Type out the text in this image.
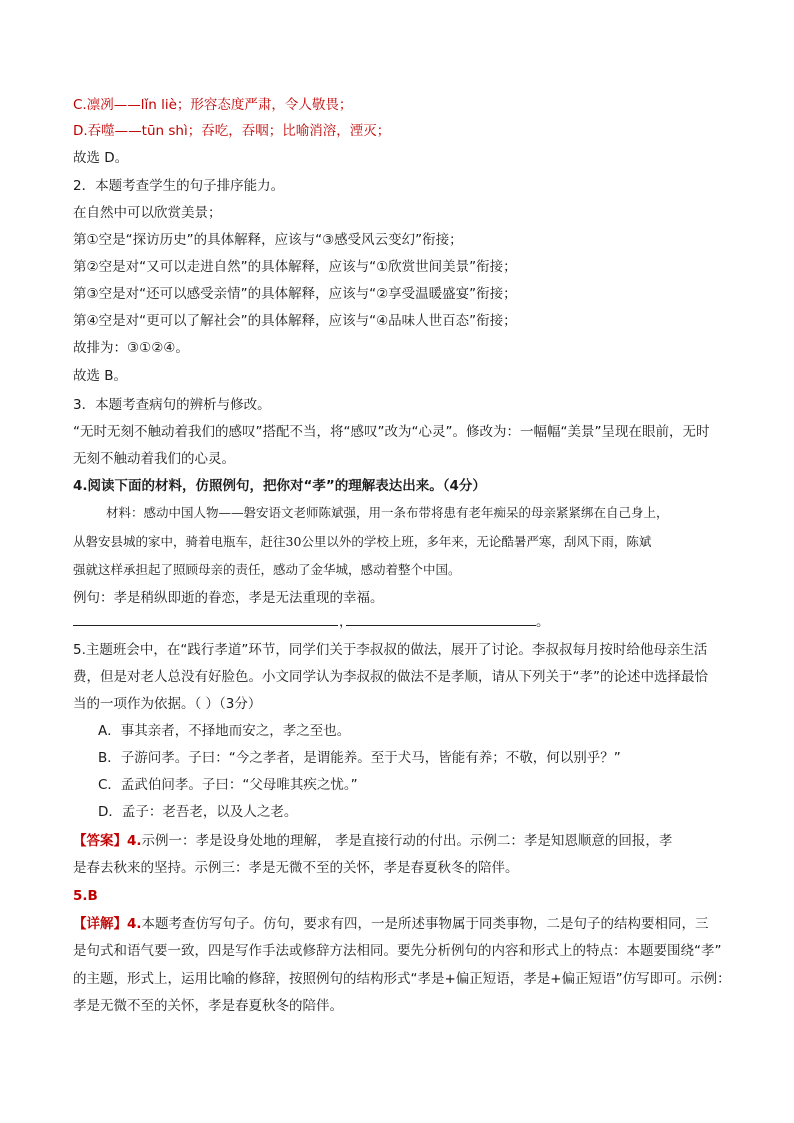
C.凛冽——lǐn liè；形容态度严肃，令人敬畏；
D.吞噬——tūn shì；吞吃，吞咽；比喻消溶，湮灭；
故选 D。
2．本题考查学生的句子排序能力。
在自然中可以欣赏美景；
第①空是“探访历史”的具体解释，应该与“③感受风云变幻”衔接；
第②空是对“又可以走进自然”的具体解释，应该与“①欣赏世间美景”衔接；
第③空是对“还可以感受亲情”的具体解释，应该与“②享受温暖盛宴”衔接；
第④空是对“更可以了解社会”的具体解释，应该与“④品味人世百态”衔接；
故排为：③①②④。
故选 B。
3．本题考查病句的辨析与修改。
“无时无刻不触动着我们的感叹”搭配不当，将“感叹”改为“心灵”。修改为：一幅幅“美景”呈现在眼前，无时
无刻不触动着我们的心灵。
4.阅读下面的材料，仿照例句，把你对“孝”的理解表达出来。（4分）
材料：感动中国人物——磐安语文老师陈斌强，用一条布带将患有老年痴呆的母亲紧紧绑在自己身上，
从磐安县城的家中，骑着电瓶车，赶往30公里以外的学校上班，多年来，无论酷暑严寒，刮风下雨，陈斌
强就这样承担起了照顾母亲的责任，感动了金华城，感动着整个中国。
例句：孝是稍纵即逝的眷恋，孝是无法重现的幸福。
，	。
5.主题班会中，在“践行孝道”环节，同学们关于李叔叔的做法，展开了讨论。李叔叔每月按时给他母亲生活
费，但是对老人总没有好脸色。小文同学认为李叔叔的做法不是孝顺，请从下列关于“孝”的论述中选择最恰
当的一项作为依据。（ ）（3分）
A．事其亲者，不择地而安之，孝之至也。
B．子游问孝。子曰：“今之孝者，是谓能养。至于犬马，皆能有养；不敬，何以别乎？”
C．孟武伯问孝。子曰：“父母唯其疾之忧。”
D．孟子：老吾老，以及人之老。
【答案】4.示例一：孝是设身处地的理解， 孝是直接行动的付出。示例二：孝是知恩顺意的回报，孝
是春去秋来的坚持。示例三：孝是无微不至的关怀，孝是春夏秋冬的陪伴。
5.B
【详解】4.本题考查仿写句子。仿句，要求有四，一是所述事物属于同类事物，二是句子的结构要相同，三
是句式和语气要一致，四是写作手法或修辞方法相同。要先分析例句的内容和形式上的特点：本题要围绕“孝”
的主题，形式上，运用比喻的修辞，按照例句的结构形式“孝是+偏正短语，孝是+偏正短语”仿写即可。示例：
孝是无微不至的关怀，孝是春夏秋冬的陪伴。
